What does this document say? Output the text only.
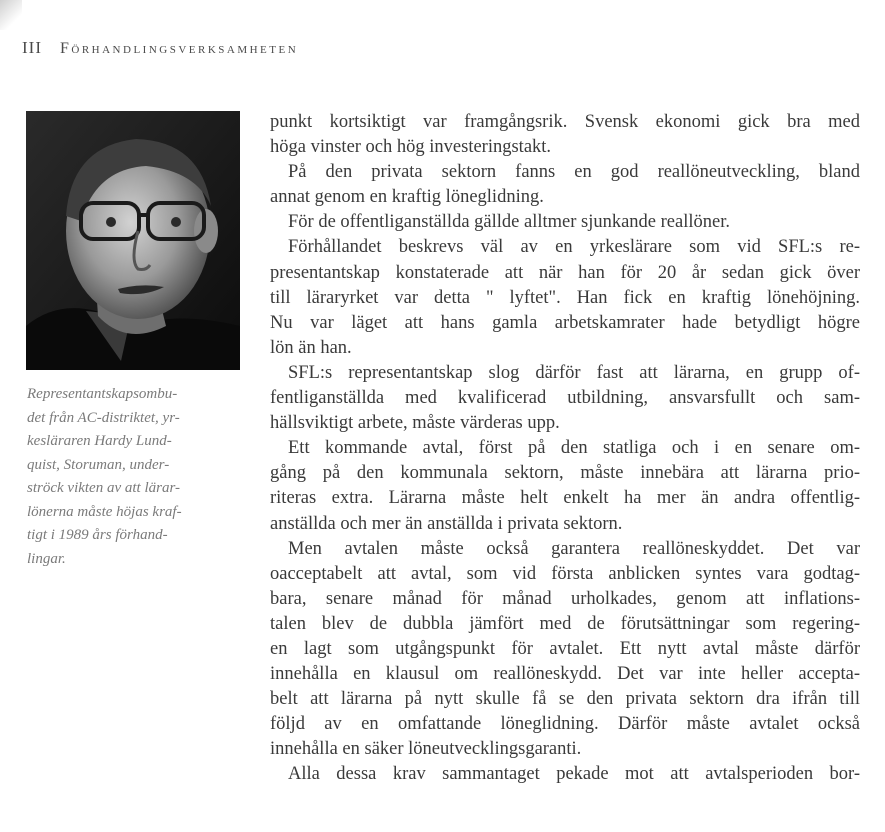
III Förhandlingsverksamheten
Representantskapsombu-
det från AC-distriktet, yr-
kesläraren Hardy Lund-
quist, Storuman, under-
ströck vikten av att lärar-
lönerna måste höjas kraf-
tigt i 1989 års förhand-
lingar.
punkt kortsiktigt var framgångsrik. Svensk ekonomi gick bra med
höga vinster och hög investeringstakt.
På den privata sektorn fanns en god reallöneutveckling, bland
annat genom en kraftig löneglidning.
För de offentliganställda gällde alltmer sjunkande reallöner.
Förhållandet beskrevs väl av en yrkeslärare som vid SFL:s re-
presentantskap konstaterade att när han för 20 år sedan gick över
till läraryrket var detta " lyftet". Han fick en kraftig lönehöjning.
Nu var läget att hans gamla arbetskamrater hade betydligt högre
lön än han.
SFL:s representantskap slog därför fast att lärarna, en grupp of-
fentliganställda med kvalificerad utbildning, ansvarsfullt och sam-
hällsviktigt arbete, måste värderas upp.
Ett kommande avtal, först på den statliga och i en senare om-
gång på den kommunala sektorn, måste innebära att lärarna prio-
riteras extra. Lärarna måste helt enkelt ha mer än andra offentlig-
anställda och mer än anställda i privata sektorn.
Men avtalen måste också garantera reallöneskyddet. Det var
oacceptabelt att avtal, som vid första anblicken syntes vara godtag-
bara, senare månad för månad urholkades, genom att inflations-
talen blev de dubbla jämfört med de förutsättningar som regering-
en lagt som utgångspunkt för avtalet. Ett nytt avtal måste därför
innehålla en klausul om reallöneskydd. Det var inte heller accepta-
belt att lärarna på nytt skulle få se den privata sektorn dra ifrån till
följd av en omfattande löneglidning. Därför måste avtalet också
innehålla en säker löneutvecklingsgaranti.
Alla dessa krav sammantaget pekade mot att avtalsperioden bor-
